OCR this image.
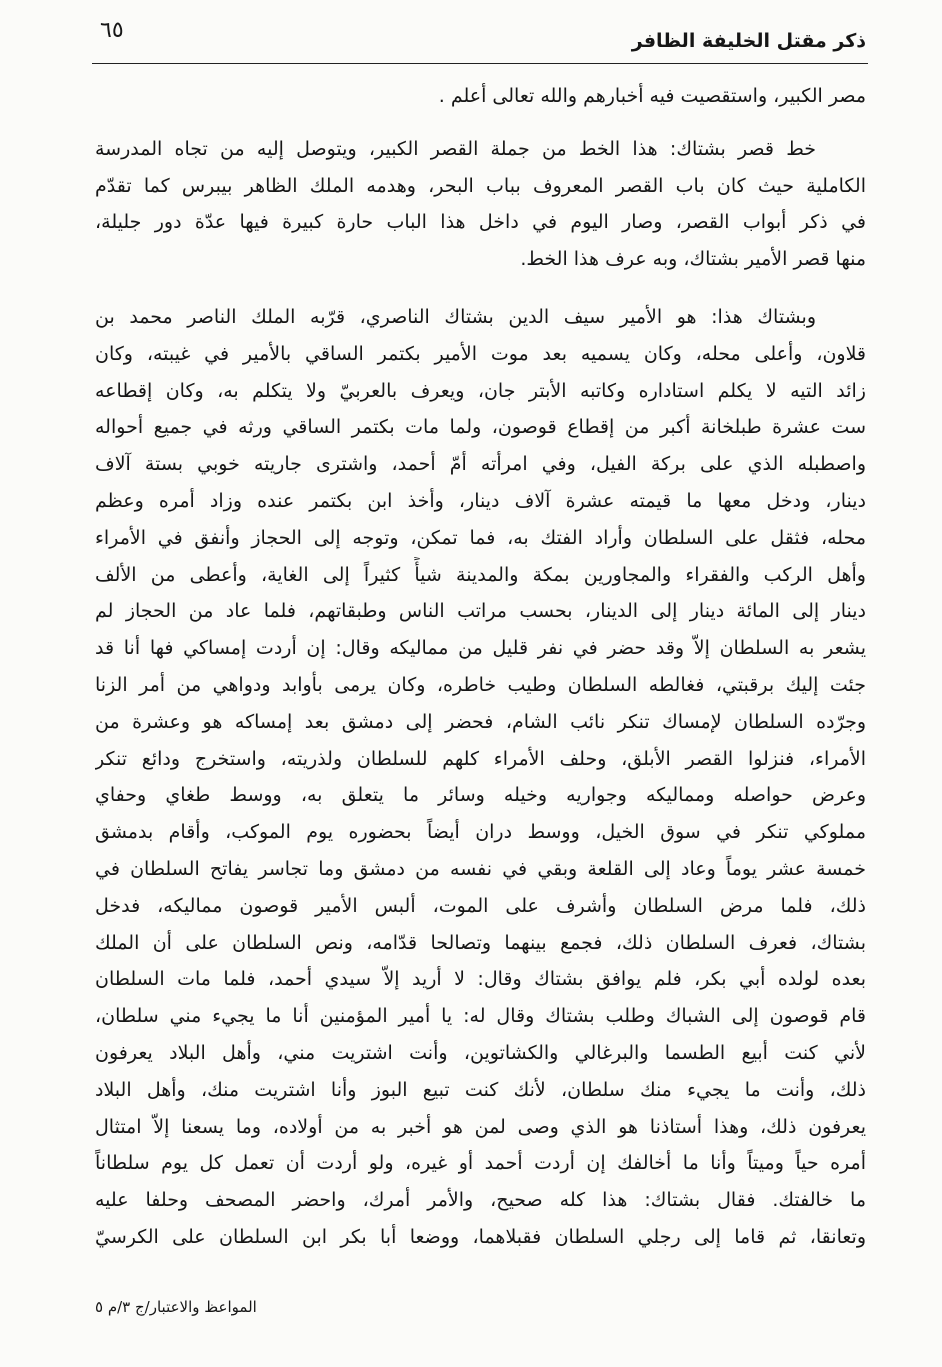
ذكر مقتل الخليفة الظافر
٦٥
مصر الكبير، واستقصيت فيه أخبارهم والله تعالى أعلم .
خط قصر بشتاك: هذا الخط من جملة القصر الكبير، ويتوصل إليه من تجاه المدرسة
الكاملية حيث كان باب القصر المعروف بباب البحر، وهدمه الملك الظاهر بيبرس كما تقدّم
في ذكر أبواب القصر، وصار اليوم في داخل هذا الباب حارة كبيرة فيها عدّة دور جليلة،
منها قصر الأمير بشتاك، وبه عرف هذا الخط.
وبشتاك هذا: هو الأمير سيف الدين بشتاك الناصري، قرّبه الملك الناصر محمد بن
قلاون، وأعلى محله، وكان يسميه بعد موت الأمير بكتمر الساقي بالأمير في غيبته، وكان
زائد التيه لا يكلم استاداره وكاتبه الأبتر جان، ويعرف بالعربيّ ولا يتكلم به، وكان إقطاعه
ست عشرة طبلخانة أكبر من إقطاع قوصون، ولما مات بكتمر الساقي ورثه في جميع أحواله
واصطبله الذي على بركة الفيل، وفي امرأته أمّ أحمد، واشترى جاريته خوبي بستة آلاف
دينار، ودخل معها ما قيمته عشرة آلاف دينار، وأخذ ابن بكتمر عنده وزاد أمره وعظم
محله، فثقل على السلطان وأراد الفتك به، فما تمكن، وتوجه إلى الحجاز وأنفق في الأمراء
وأهل الركب والفقراء والمجاورين بمكة والمدينة شيأً كثيراً إلى الغاية، وأعطى من الألف
دينار إلى المائة دينار إلى الدينار، بحسب مراتب الناس وطبقاتهم، فلما عاد من الحجاز لم
يشعر به السلطان إلاّ وقد حضر في نفر قليل من مماليكه وقال: إن أردت إمساكي فها أنا قد
جئت إليك برقبتي، فغالطه السلطان وطيب خاطره، وكان يرمى بأوابد ودواهي من أمر الزنا
وجرّده السلطان لإمساك تنكر نائب الشام، فحضر إلى دمشق بعد إمساكه هو وعشرة من
الأمراء، فنزلوا القصر الأبلق، وحلف الأمراء كلهم للسلطان ولذريته، واستخرج ودائع تنكر
وعرض حواصله ومماليكه وجواريه وخيله وسائر ما يتعلق به، ووسط طغاي وحفاي
مملوكي تنكر في سوق الخيل، ووسط دران أيضاً بحضوره يوم الموكب، وأقام بدمشق
خمسة عشر يوماً وعاد إلى القلعة وبقي في نفسه من دمشق وما تجاسر يفاتح السلطان في
ذلك، فلما مرض السلطان وأشرف على الموت، ألبس الأمير قوصون مماليكه، فدخل
بشتاك، فعرف السلطان ذلك، فجمع بينهما وتصالحا قدّامه، ونص السلطان على أن الملك
بعده لولده أبي بكر، فلم يوافق بشتاك وقال: لا أريد إلاّ سيدي أحمد، فلما مات السلطان
قام قوصون إلى الشباك وطلب بشتاك وقال له: يا أمير المؤمنين أنا ما يجيء مني سلطان،
لأني كنت أبيع الطسما والبرغالي والكشاتوين، وأنت اشتريت مني، وأهل البلاد يعرفون
ذلك، وأنت ما يجيء منك سلطان، لأنك كنت تبيع البوز وأنا اشتريت منك، وأهل البلاد
يعرفون ذلك، وهذا أستاذنا هو الذي وصى لمن هو أخبر به من أولاده، وما يسعنا إلاّ امتثال
أمره حياً وميتاً وأنا ما أخالفك إن أردت أحمد أو غيره، ولو أردت أن تعمل كل يوم سلطاناً
ما خالفتك. فقال بشتاك: هذا كله صحيح، والأمر أمرك، واحضر المصحف وحلفا عليه
وتعانقا، ثم قاما إلى رجلي السلطان فقبلاهما، ووضعا أبا بكر ابن السلطان على الكرسيّ
المواعظ والاعتبار/ج ٣/م ٥
